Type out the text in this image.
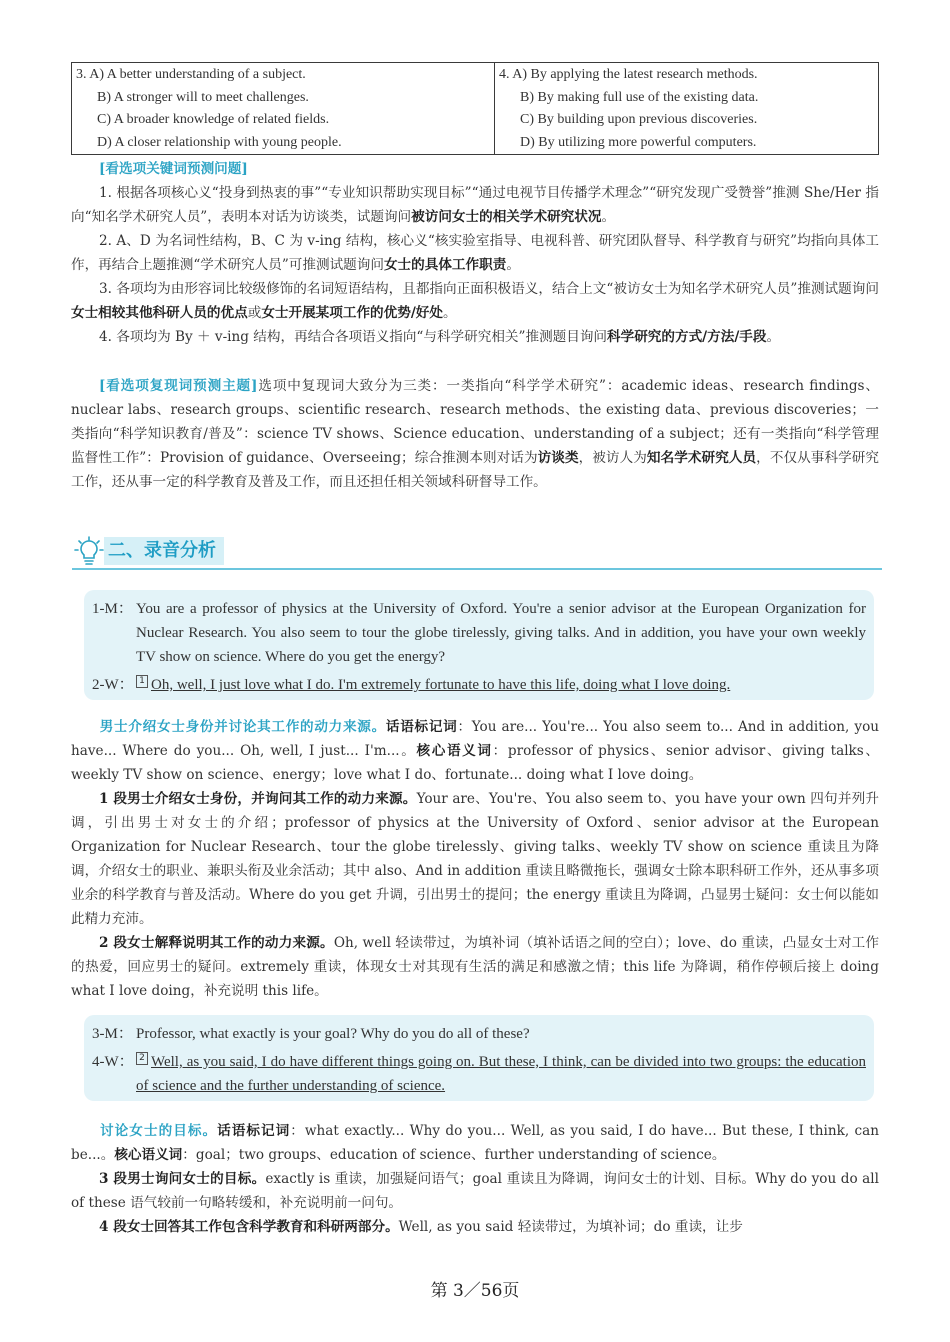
3. A) A better understanding of a subject.
B) A stronger will to meet challenges.
C) A broader knowledge of related fields.
D) A closer relationship with young people.

4. A) By applying the latest research methods.
B) By making full use of the existing data.
C) By building upon previous discoveries.
D) By utilizing more powerful computers.
[看选项关键词预测问题]
1. 根据各项核心义“投身到热衷的事”“专业知识帮助实现目标”“通过电视节目传播学术理念”“研究发现广受赞誉”推测 She/Her 指向“知名学术研究人员”，表明本对话为访谈类，试题询问被访问女士的相关学术研究状况。
2. A、D 为名词性结构，B、C 为 v-ing 结构，核心义“核实验室指导、电视科普、研究团队督导、科学教育与研究”均指向具体工作，再结合上题推测“学术研究人员”可推测试题询问女士的具体工作职责。
3. 各项均为由形容词比较级修饰的名词短语结构，且都指向正面积极语义，结合上文“被访女士为知名学术研究人员”推测试题询问女士相较其他科研人员的优点或女士开展某项工作的优势/好处。
4. 各项均为 By ＋ v-ing 结构，再结合各项语义指向“与科学研究相关”推测题目询问科学研究的方式/方法/手段。
[看选项复现词预测主题]选项中复现词大致分为三类：一类指向“科学学术研究”：academic ideas、research findings、nuclear labs、research groups、scientific research、research methods、the existing data、previous discoveries；一类指向“科学知识教育/普及”：science TV shows、Science education、understanding of a subject；还有一类指向“科学管理监督性工作”：Provision of guidance、Overseeing；综合推测本则对话为访谈类，被访人为知名学术研究人员，不仅从事科学研究工作，还从事一定的科学教育及普及工作，而且还担任相关领域科研督导工作。
二、录音分析
1-M： You are a professor of physics at the University of Oxford. You're a senior advisor at the European Organization for Nuclear Research. You also seem to tour the globe tirelessly, giving talks. And in addition, you have your own weekly TV show on science. Where do you get the energy?
2-W： 1 Oh, well, I just love what I do. I'm extremely fortunate to have this life, doing what I love doing.
男士介绍女士身份并讨论其工作的动力来源。话语标记词：You are... You're... You also seem to... And in addition, you have... Where do you... Oh, well, I just... I'm...。核心语义词：professor of physics、senior advisor、giving talks、weekly TV show on science、energy；love what I do、fortunate... doing what I love doing。
1 段男士介绍女士身份，并询问其工作的动力来源。Your are、You're、You also seem to、you have your own 四句并列升调，引出男士对女士的介绍；professor of physics at the University of Oxford、senior advisor at the European Organization for Nuclear Research、tour the globe tirelessly、giving talks、weekly TV show on science 重读且为降调，介绍女士的职业、兼职头衔及业余活动；其中 also、And in addition 重读且略微拖长，强调女士除本职科研工作外，还从事多项业余的科学教育与普及活动。Where do you get 升调，引出男士的提问；the energy 重读且为降调，凸显男士疑问：女士何以能如此精力充沛。
2 段女士解释说明其工作的动力来源。Oh, well 轻读带过，为填补词（填补话语之间的空白）；love、do 重读，凸显女士对工作的热爱，回应男士的疑问。extremely 重读，体现女士对其现有生活的满足和感激之情；this life 为降调，稍作停顿后接上 doing what I love doing，补充说明 this life。
3-M： Professor, what exactly is your goal? Why do you do all of these?
4-W： 2 Well, as you said, I do have different things going on. But these, I think, can be divided into two groups: the education of science and the further understanding of science.
讨论女士的目标。话语标记词：what exactly... Why do you... Well, as you said, I do have... But these, I think, can be...。核心语义词：goal；two groups、education of science、further understanding of science。
3 段男士询问女士的目标。exactly is 重读，加强疑问语气；goal 重读且为降调，询问女士的计划、目标。Why do you do all of these 语气较前一句略转缓和，补充说明前一问句。
4 段女士回答其工作包含科学教育和科研两部分。Well, as you said 轻读带过，为填补词；do 重读，让步
第 3／56页
